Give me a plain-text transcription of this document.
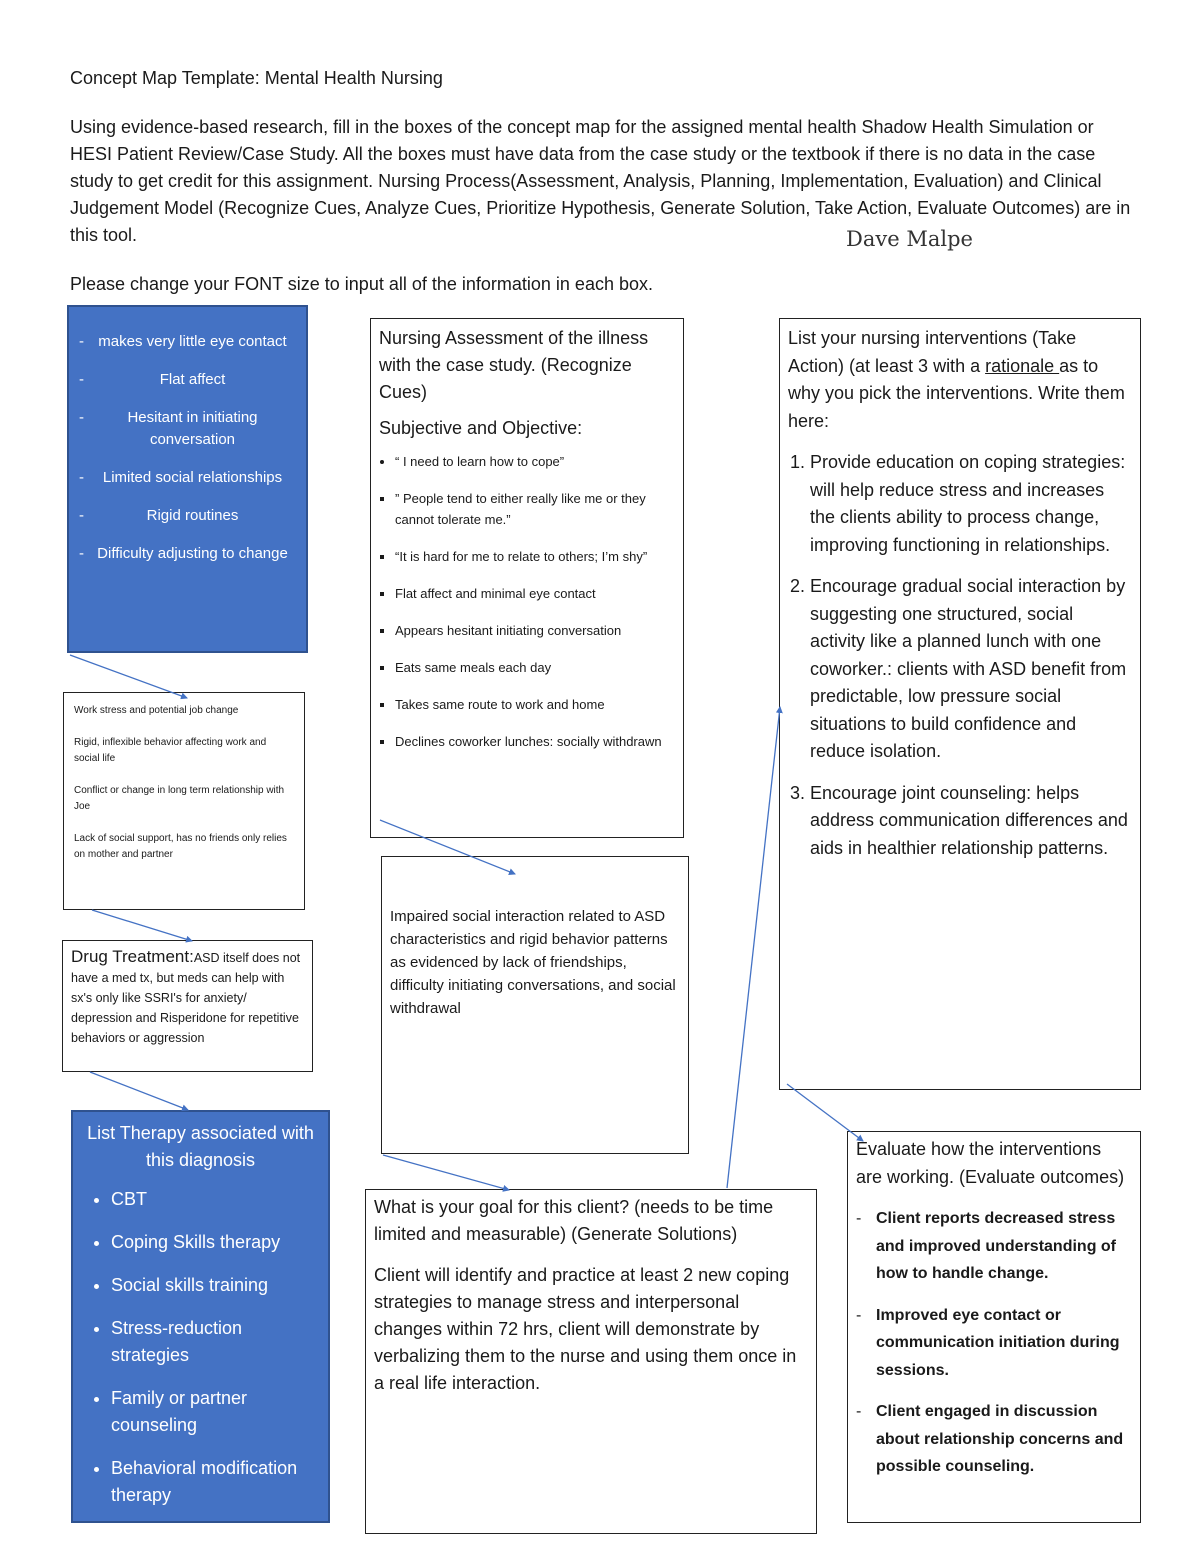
Concept Map Template: Mental Health Nursing

Using evidence-based research, fill in the boxes of the concept map for the assigned mental health Shadow Health Simulation or HESI Patient Review/Case Study. All the boxes must have data from the case study or the textbook if there is no data in the case study to get credit for this assignment. Nursing Process(Assessment, Analysis, Planning, Implementation, Evaluation) and Clinical Judgement Model (Recognize Cues, Analyze Cues, Prioritize Hypothesis, Generate Solution, Take Action, Evaluate Outcomes) are in this tool.	Dave Malpe

Please change your FONT size to input all of the information in each box.

- makes very little eye contact
-	Flat affect
-	Hesitant in initiating conversation
- Limited social relationships
-	Rigid routines
- Difficulty adjusting to change

Work stress and potential job change

Rigid, inflexible behavior affecting work and social life

Conflict or change in long term relationship with Joe

Lack of social support, has no friends only relies on mother and partner

Drug Treatment:ASD itself does not have a med tx, but meds can help with sx's only like SSRI's for anxiety/ depression and Risperidone for repetitive behaviors or aggression
List Therapy associated with this diagnosis
• CBT
• Coping Skills therapy
• Social skills training
• Stress-reduction strategies
• Family or partner counseling
• Behavioral modification therapy
Nursing Assessment of the illness with the case study. (Recognize Cues)
Subjective and Objective:
• “ I need to learn how to cope”
▪ ” People tend to either really like me or they cannot tolerate me.”
▪ “It is hard for me to relate to others; I’m shy”
▪ Flat affect and minimal eye contact
▪ Appears hesitant initiating conversation
▪ Eats same meals each day
▪ Takes same route to work and home
▪ Declines coworker lunches: socially withdrawn
Impaired social interaction related to ASD characteristics and rigid behavior patterns as evidenced by lack of friendships, difficulty initiating conversations, and social withdrawal

What is your goal for this client? (needs to be time limited and measurable) (Generate Solutions)

Client will identify and practice at least 2 new coping strategies to manage stress and interpersonal changes within 72 hrs, client will demonstrate by verbalizing them to the nurse and using them once in a real life interaction.

List your nursing interventions (Take Action) (at least 3 with a rationale as to why you pick the interventions. Write them here:
1. Provide education on coping strategies: will help reduce stress and increases the clients ability to process change, improving functioning in relationships.
2. Encourage gradual social interaction by suggesting one structured, social activity like a planned lunch with one coworker.: clients with ASD benefit from predictable, low pressure social situations to build confidence and reduce isolation.
3. Encourage joint counseling: helps address communication differences and aids in healthier relationship patterns.
Evaluate how the interventions are working. (Evaluate outcomes)
- Client reports decreased stress and improved understanding of how to handle change.
- Improved eye contact or communication initiation during sessions.
- Client engaged in discussion about relationship concerns and possible counseling.
